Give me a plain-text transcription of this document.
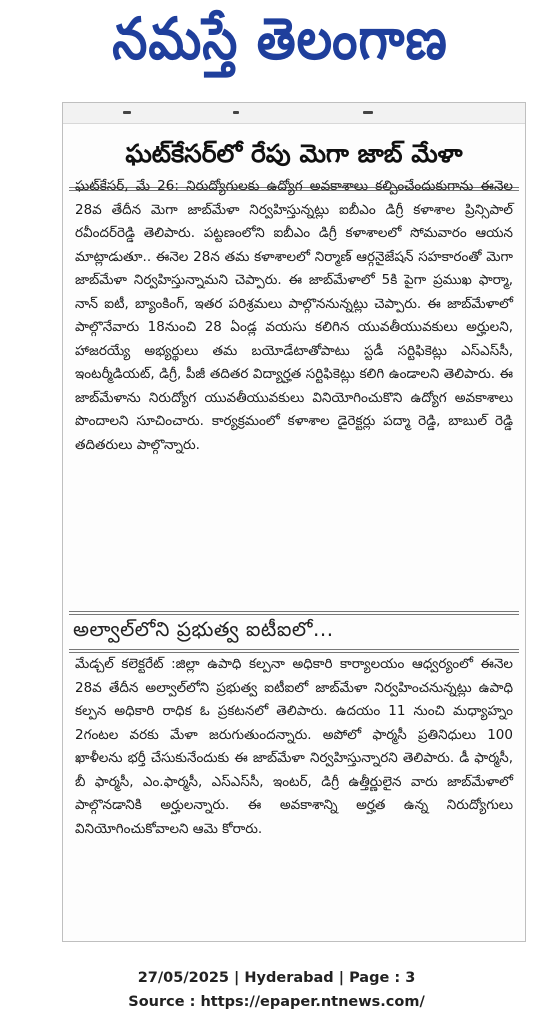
నమస్తే తెలంగాణ
ఘట్‌కేసర్‌లో రేపు మెగా జాబ్ మేళా
ఘట్‌కేసర్, మే 26: నిరుద్యోగులకు ఉద్యోగ అవకాశాలు కల్పించేందుకుగాను ఈనెల 28వ తేదీన మెగా జాబ్‌మేళా నిర్వహిస్తున్నట్లు ఐబీఎం డిగ్రీ కళాశాల ప్రిన్సిపాల్ రవీందర్‌రెడ్డి తెలిపారు. పట్టణంలోని ఐబీఎం డిగ్రీ కళాశాలలో సోమవారం ఆయన మాట్లాడుతూ.. ఈనెల 28న తమ కళాశాలలో నిర్మాణ్ ఆర్గనైజేషన్ సహకారంతో మెగా జాబ్‌మేళా నిర్వహిస్తున్నామని చెప్పారు. ఈ జాబ్‌మేళాలో 5కి పైగా ప్రముఖ ఫార్మా, నాన్ ఐటీ, బ్యాంకింగ్, ఇతర పరిశ్రమలు పాల్గొననున్నట్లు చెప్పారు. ఈ జాబ్‌మేళాలో పాల్గొనేవారు 18నుంచి 28 ఏండ్ల వయసు కలిగిన యువతీయువకులు అర్హులని, హాజరయ్యే అభ్యర్థులు తమ బయోడేటాతోపాటు స్టడీ సర్టిఫికెట్లు ఎస్ఎస్‌సీ, ఇంటర్మీడియట్, డిగ్రీ, పీజీ తదితర విద్యార్హత సర్టిఫికెట్లు కలిగి ఉండాలని తెలిపారు. ఈ జాబ్‌మేళాను నిరుద్యోగ యువతీయువకులు వినియోగించుకొని ఉద్యోగ అవకాశాలు పొందాలని సూచించారు. కార్యక్రమంలో కళాశాల డైరెక్టర్లు పద్మా రెడ్డి, బాబుల్ రెడ్డి తదితరులు పాల్గొన్నారు.
అల్వాల్‌లోని ప్రభుత్వ ఐటీఐలో...
మేడ్చల్ కలెక్టరేట్ :జిల్లా ఉపాధి కల్పనా అధికారి కార్యాలయం ఆధ్వర్యంలో ఈనెల 28వ తేదీన అల్వాల్‌లోని ప్రభుత్వ ఐటీఐలో జాబ్‌మేళా నిర్వహించనున్నట్లు ఉపాధి కల్పన అధికారి రాధిక ఓ ప్రకటనలో తెలిపారు. ఉదయం 11 నుంచి మధ్యాహ్నం 2గంటల వరకు మేళా జరుగుతుందన్నారు. అపోలో ఫార్మసీ ప్రతినిధులు 100 ఖాళీలను భర్తీ చేసుకునేందుకు ఈ జాబ్‌మేళా నిర్వహిస్తున్నారని తెలిపారు. డీ ఫార్మసీ, బీ ఫార్మసీ, ఎం.ఫార్మసీ, ఎస్ఎస్‌సీ, ఇంటర్, డిగ్రీ ఉత్తీర్ణులైన వారు జాబ్‌మేళాలో పాల్గొనడానికి అర్హులన్నారు. ఈ అవకాశాన్ని అర్హత ఉన్న నిరుద్యోగులు వినియోగించుకోవాలని ఆమె కోరారు.
27/05/2025 | Hyderabad | Page : 3
Source : https://epaper.ntnews.com/
